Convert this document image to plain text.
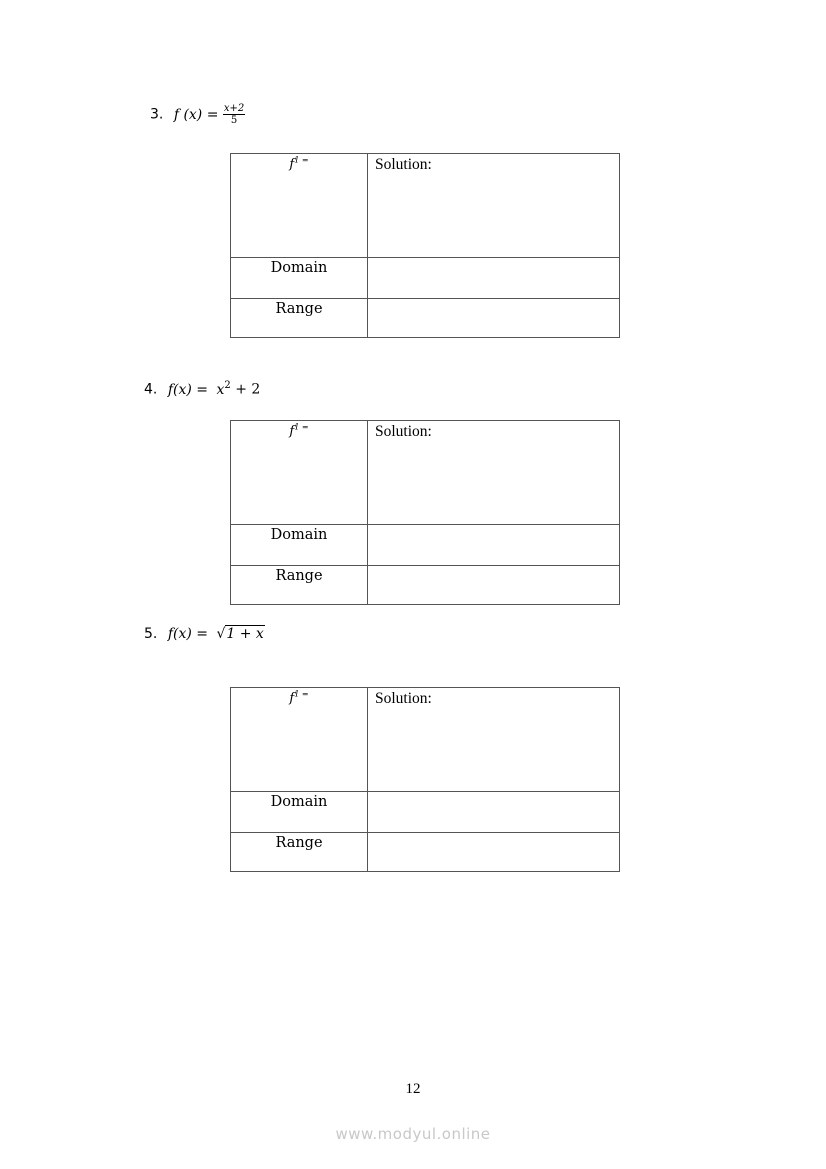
3. f $(x) = \frac{x+2}{5}$
$f^{1 =}$	Solution:
Domain	
Range	
4. $f(x) = x^2 + 2$
$f^{1 =}$	Solution:
Domain	
Range	
5. f(x) = √1 + x
$f^{1 =}$	Solution:
Domain	
Range	
12
www.modyul.online
